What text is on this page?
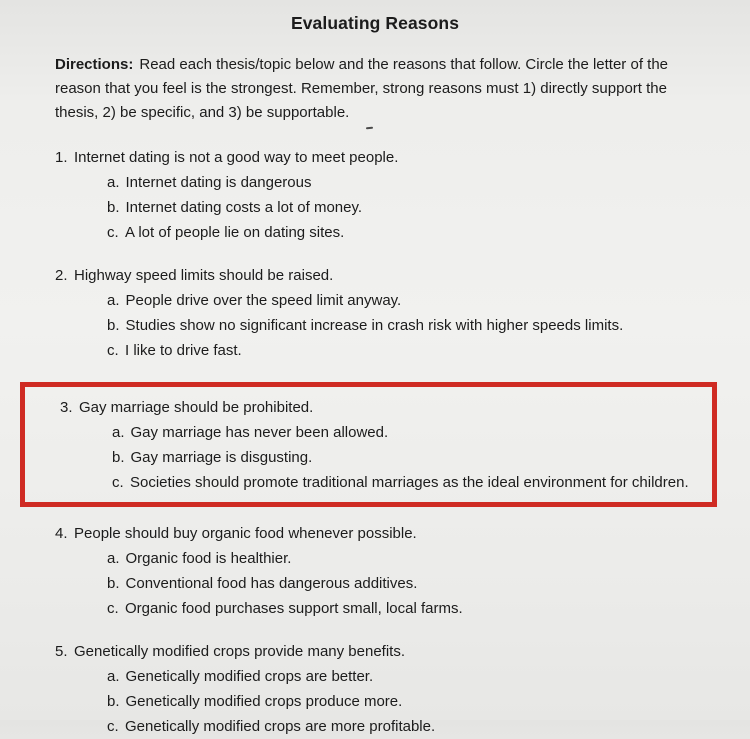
Evaluating Reasons
Directions: Read each thesis/topic below and the reasons that follow. Circle the letter of the reason that you feel is the strongest. Remember, strong reasons must 1) directly support the thesis, 2) be specific, and 3) be supportable.
1. Internet dating is not a good way to meet people.
a. Internet dating is dangerous
b. Internet dating costs a lot of money.
c. A lot of people lie on dating sites.
2. Highway speed limits should be raised.
a. People drive over the speed limit anyway.
b. Studies show no significant increase in crash risk with higher speeds limits.
c. I like to drive fast.
3. Gay marriage should be prohibited.
a. Gay marriage has never been allowed.
b. Gay marriage is disgusting.
c. Societies should promote traditional marriages as the ideal environment for children.
4. People should buy organic food whenever possible.
a. Organic food is healthier.
b. Conventional food has dangerous additives.
c. Organic food purchases support small, local farms.
5. Genetically modified crops provide many benefits.
a. Genetically modified crops are better.
b. Genetically modified crops produce more.
c. Genetically modified crops are more profitable.
